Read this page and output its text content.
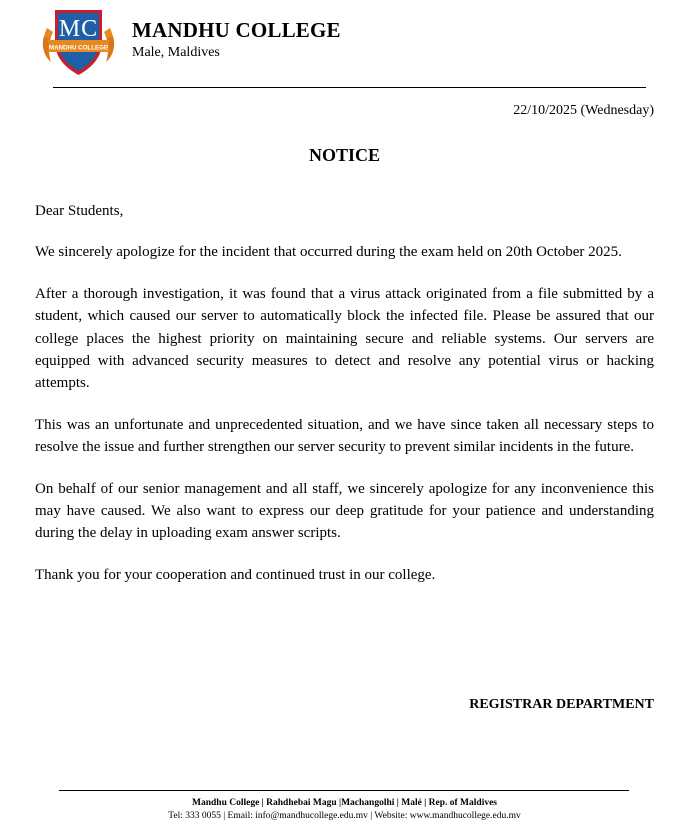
MANDHU COLLEGE
MC MANDHU COLLEGE
Male, Maldives
22/10/2025 (Wednesday)
NOTICE

Dear Students,

We sincerely apologize for the incident that occurred during the exam held on 20th October 2025.

After a thorough investigation, it was found that a virus attack originated from a file submitted by a student, which caused our server to automatically block the infected file. Please be assured that our college places the highest priority on maintaining secure and reliable systems. Our servers are equipped with advanced security measures to detect and resolve any potential virus or hacking attempts.

This was an unfortunate and unprecedented situation, and we have since taken all necessary steps to resolve the issue and further strengthen our server security to prevent similar incidents in the future.

On behalf of our senior management and all staff, we sincerely apologize for any inconvenience this may have caused. We also want to express our deep gratitude for your patience and understanding during the delay in uploading exam answer scripts.

Thank you for your cooperation and continued trust in our college.

REGISTRAR DEPARTMENT
Mandhu College | Rahdhebai Magu |Machangolhi | Malé | Rep. of Maldives
Tel: 333 0055 | Email: info@mandhucollege.edu.mv | Website: www.mandhucollege.edu.mv
